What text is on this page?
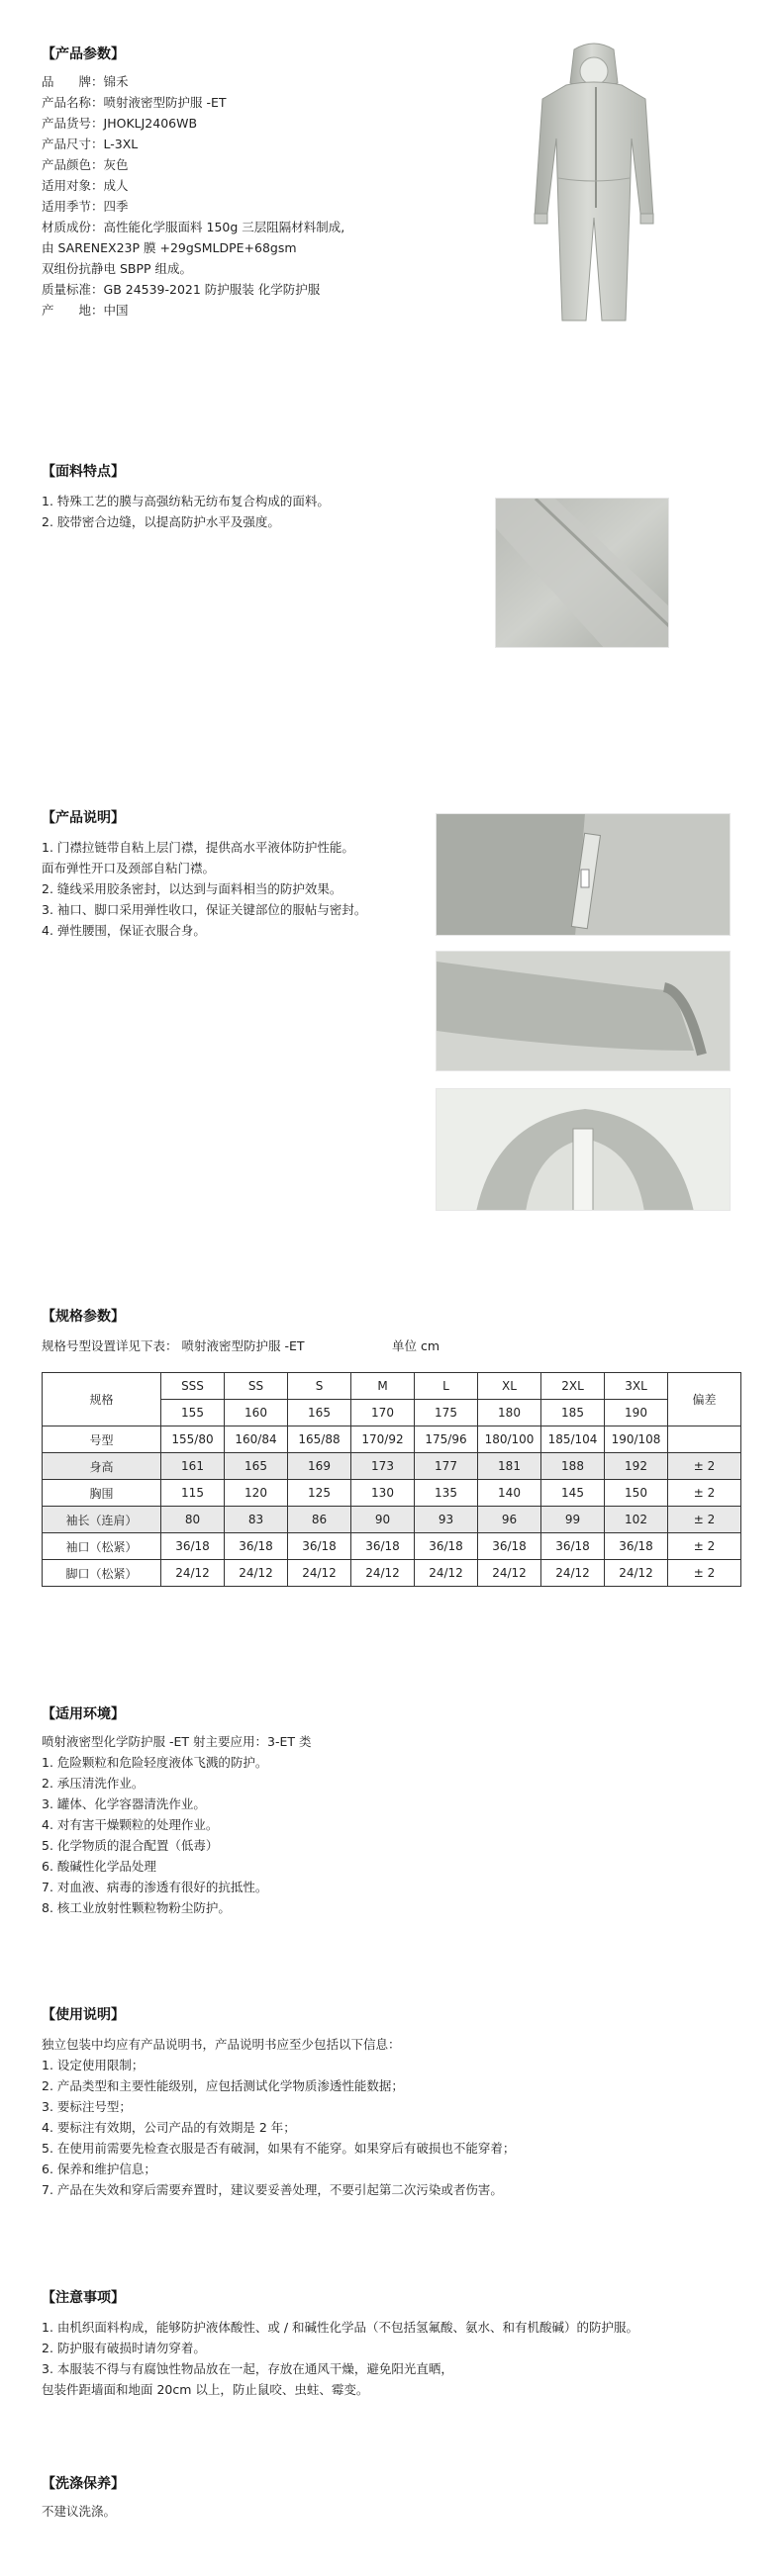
【产品参数】
品　　牌：锦禾
产品名称：喷射液密型防护服 -ET
产品货号：JHOKLJ2406WB
产品尺寸：L-3XL
产品颜色：灰色
适用对象：成人
适用季节：四季
材质成份：高性能化学服面料 150g 三层阻隔材料制成,
由 SARENEX23P 膜 +29gSMLDPE+68gsm
双组份抗静电 SBPP 组成。
质量标准：GB 24539-2021 防护服装 化学防护服
产　　地：中国
【面料特点】
1. 特殊工艺的膜与高强纺粘无纺布复合构成的面料。
2. 胶带密合边缝，以提高防护水平及强度。
【产品说明】
1. 门襟拉链带自粘上层门襟，提供高水平液体防护性能。
面布弹性开口及颈部自粘门襟。
2. 缝线采用胶条密封，以达到与面料相当的防护效果。
3. 袖口、脚口采用弹性收口，保证关键部位的服帖与密封。
4. 弹性腰围，保证衣服合身。
【规格参数】
规格号型设置详见下表： 喷射液密型防护服 -ET	单位 cm
规格	SSS	SS	S	M	L	XL	2XL	3XL	偏差
	155	160	165	170	175	180	185	190	
号型	155/80	160/84	165/88	170/92	175/96	180/100	185/104	190/108	
身高	161	165	169	173	177	181	188	192	± 2
胸围	115	120	125	130	135	140	145	150	± 2
袖长（连肩）	80	83	86	90	93	96	99	102	± 2
袖口（松紧）	36/18	36/18	36/18	36/18	36/18	36/18	36/18	36/18	± 2
脚口（松紧）	24/12	24/12	24/12	24/12	24/12	24/12	24/12	24/12	± 2
【适用环境】
喷射液密型化学防护服 -ET 射主要应用：3-ET 类
1. 危险颗粒和危险轻度液体飞溅的防护。
2. 承压清洗作业。
3. 罐体、化学容器清洗作业。
4. 对有害干燥颗粒的处理作业。
5. 化学物质的混合配置（低毒）
6. 酸碱性化学品处理
7. 对血液、病毒的渗透有很好的抗抵性。
8. 核工业放射性颗粒物粉尘防护。
【使用说明】
独立包装中均应有产品说明书，产品说明书应至少包括以下信息：
1. 设定使用限制；
2. 产品类型和主要性能级别，应包括测试化学物质渗透性能数据；
3. 要标注号型；
4. 要标注有效期，公司产品的有效期是 2 年；
5. 在使用前需要先检查衣服是否有破洞，如果有不能穿。如果穿后有破损也不能穿着；
6. 保养和维护信息；
7. 产品在失效和穿后需要弃置时，建议要妥善处理，不要引起第二次污染或者伤害。
【注意事项】
1. 由机织面料构成，能够防护液体酸性、或 / 和碱性化学品（不包括氢氟酸、氨水、和有机酸碱）的防护服。
2. 防护服有破损时请勿穿着。
3. 本服装不得与有腐蚀性物品放在一起，存放在通风干燥，避免阳光直晒，
包装件距墙面和地面 20cm 以上，防止鼠咬、虫蛀、霉变。
【洗涤保养】
不建议洗涤。
